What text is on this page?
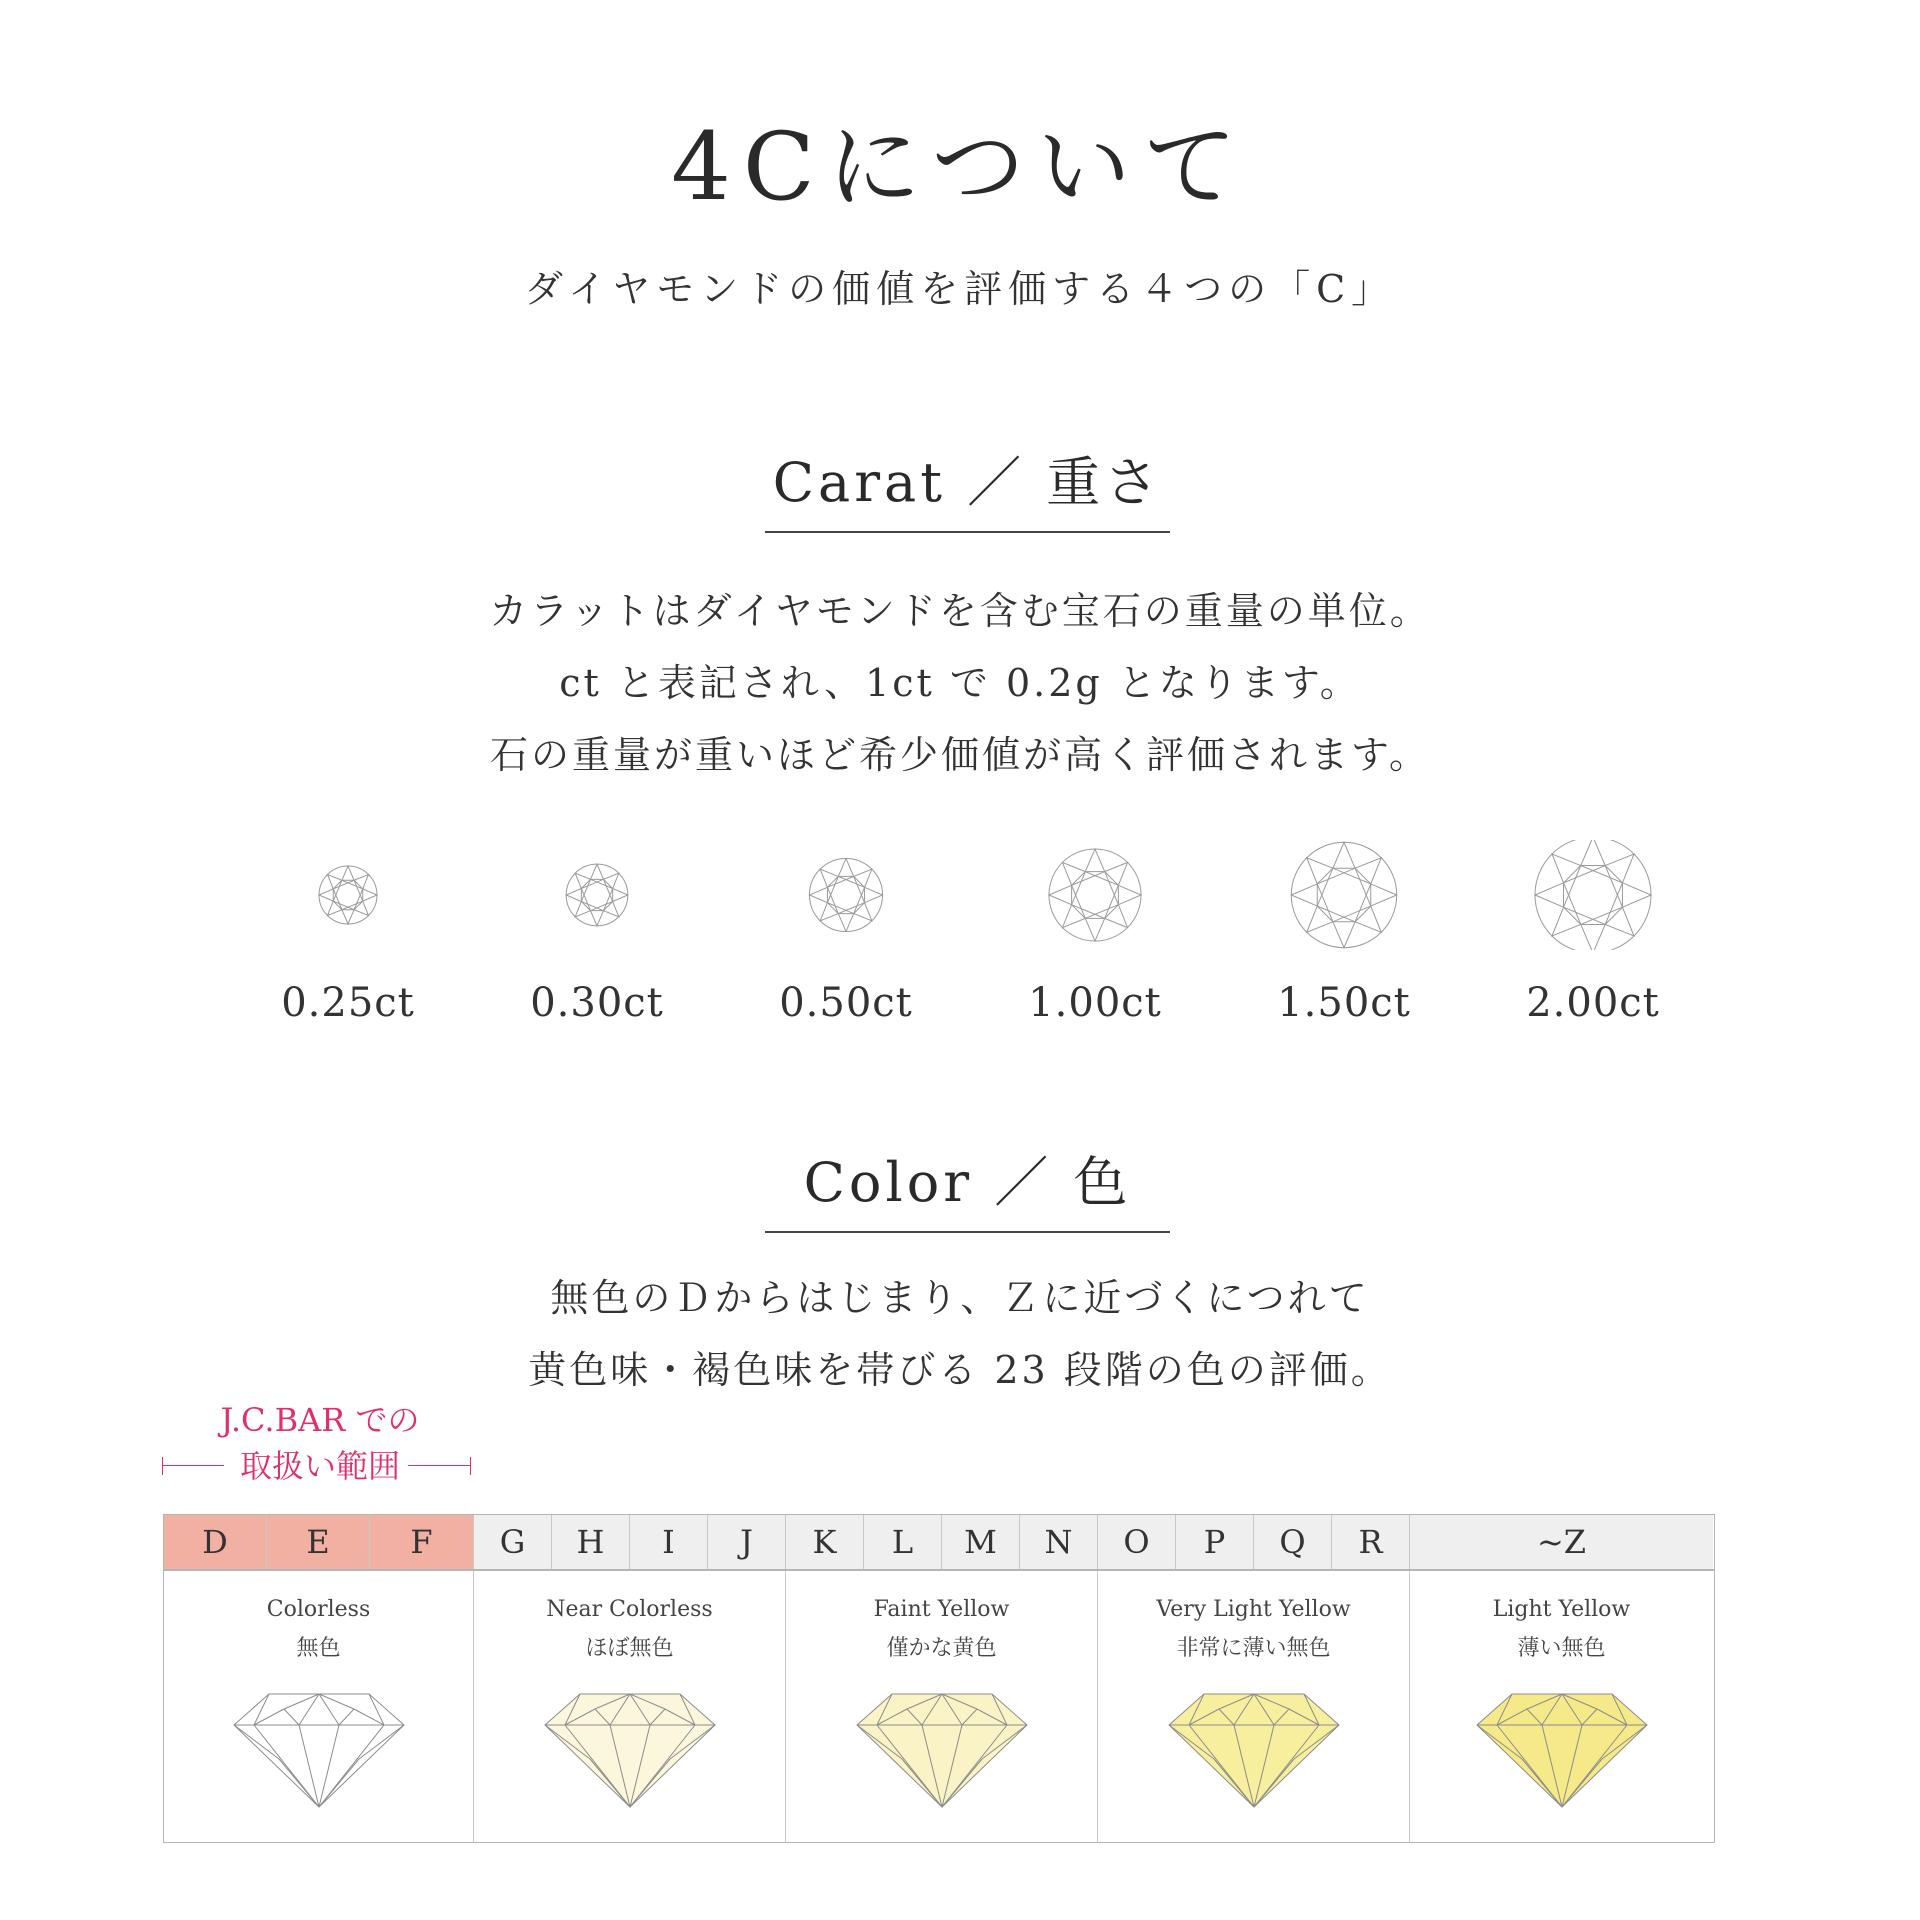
4Cについて
ダイヤモンドの価値を評価する４つの「C」
Carat ／ 重さ
カラットはダイヤモンドを含む宝石の重量の単位。
ct と表記され、1ct で 0.2g となります。
石の重量が重いほど希少価値が高く評価されます。
0.25ct	0.30ct	0.50ct	1.00ct	1.50ct	2.00ct
Color ／ 色
無色のＤからはじまり、Ｚに近づくにつれて
黄色味・褐色味を帯びる 23 段階の色の評価。
J.C.BAR での
取扱い範囲
D	E	F	G	H	I	J	K	L	M	N	O	P	Q	R	~Z
Colorless
無色
Near Colorless
ほぼ無色
Faint Yellow
僅かな黄色
Very Light Yellow
非常に薄い無色
Light Yellow
薄い無色
